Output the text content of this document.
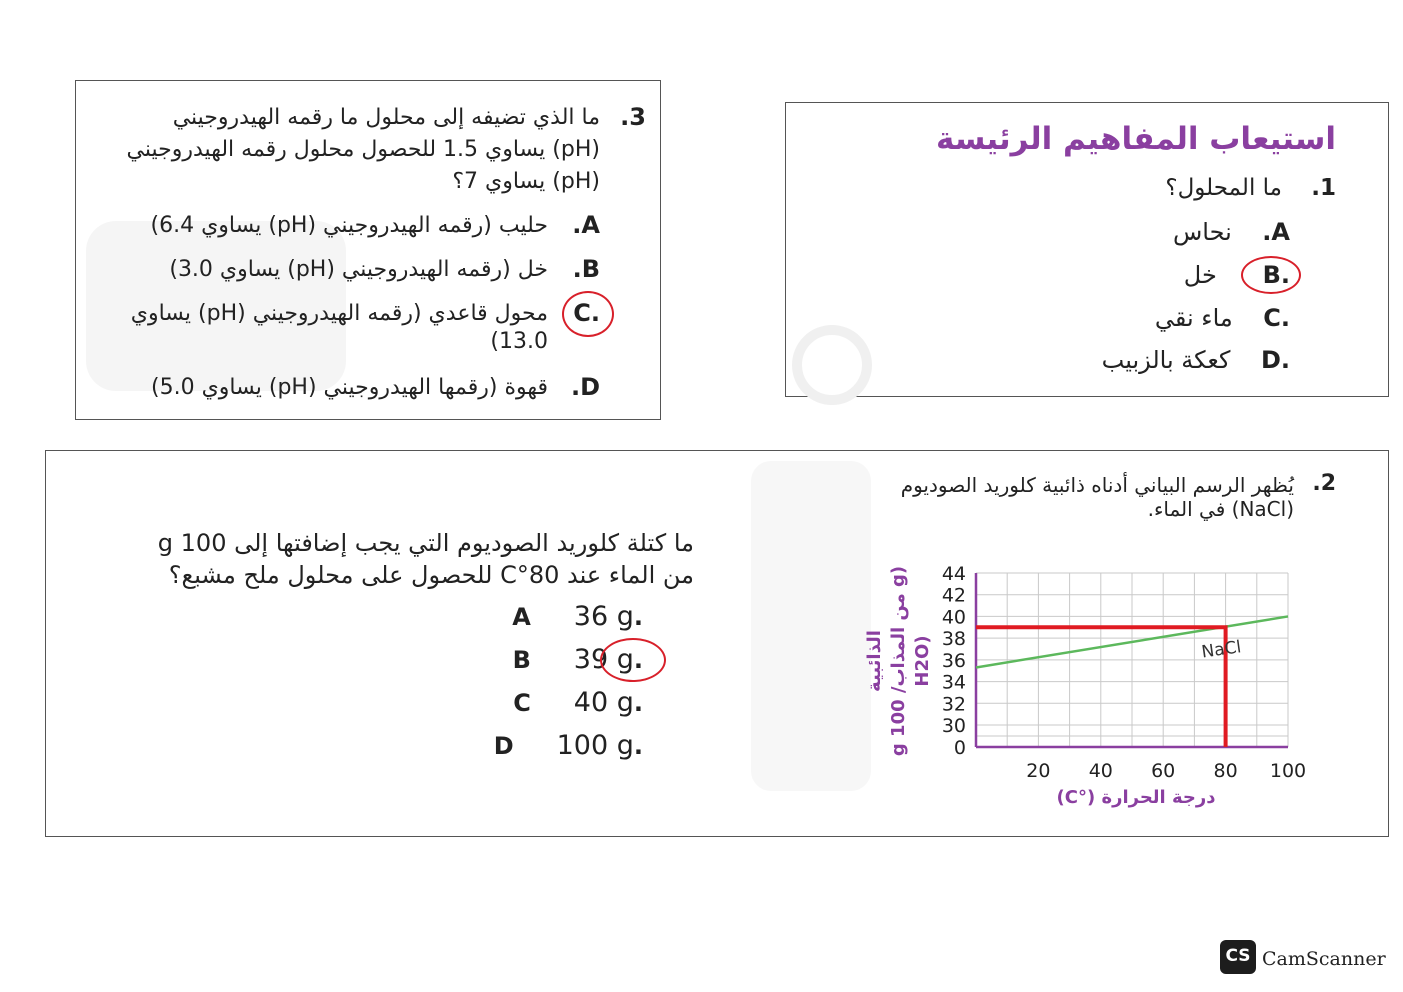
استيعاب المفاهيم الرئيسة
1.    ما المحلول؟
A.    نحاس
.B      خل
.C    ماء نقي
.D    كعكة بالزبيب
3.
ما الذي تضيفه إلى محلول ما رقمه الهيدروجيني
(pH) يساوي 1.5 للحصول محلول رقمه الهيدروجيني
(pH) يساوي 7؟
A.
حليب (رقمه الهيدروجيني (pH) يساوي 6.4)
B.
خل (رقمه الهيدروجيني (pH) يساوي 3.0)
.C
محول قاعدي (رقمه الهيدروجيني (pH) يساوي
13.0)
D.
قهوة (رقمها الهيدروجيني (pH) يساوي 5.0)
2.
يُظهر الرسم البياني أدناه ذائبية كلوريد الصوديوم
(NaCl) في الماء.
ما كتلة كلوريد الصوديوم التي يجب إضافتها إلى 100 g
من الماء عند 80°C للحصول على محلول ملح مشبع؟
.A     36 g
.B     39 g
.C     40 g
.D     100 g	0
30
32
34
36
38
40
42
44
20 40 60 80 100
NaCl
الذائبية
(g من المذاب/ 100 g
H2O)
درجة الحرارة (°C)
CS CamScanner
